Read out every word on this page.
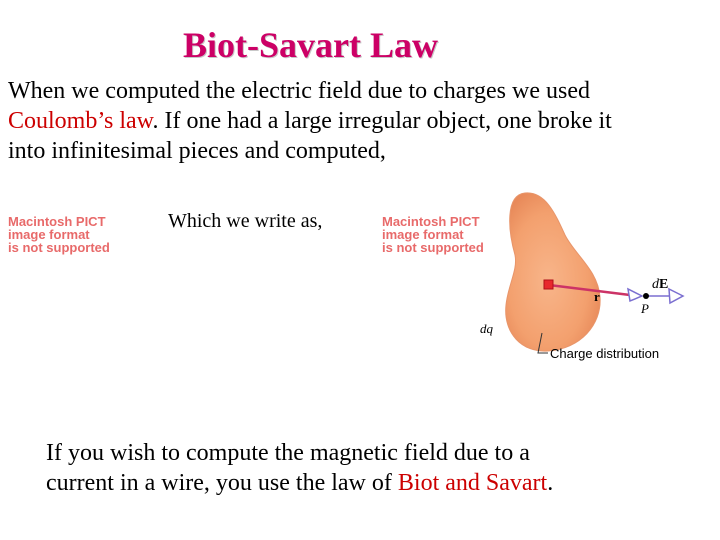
Biot-Savart Law
When we computed the electric field due to charges we used
Coulomb’s law. If one had a large irregular object, one broke it
into infinitesimal pieces and computed,
Macintosh PICT
image format
is not supported
Which we write as,	Macintosh PICT
image format
is not supported
r
dE
P
dq
Charge distribution
If you wish to compute the magnetic field due to a
current in a wire, you use the law of Biot and Savart.
